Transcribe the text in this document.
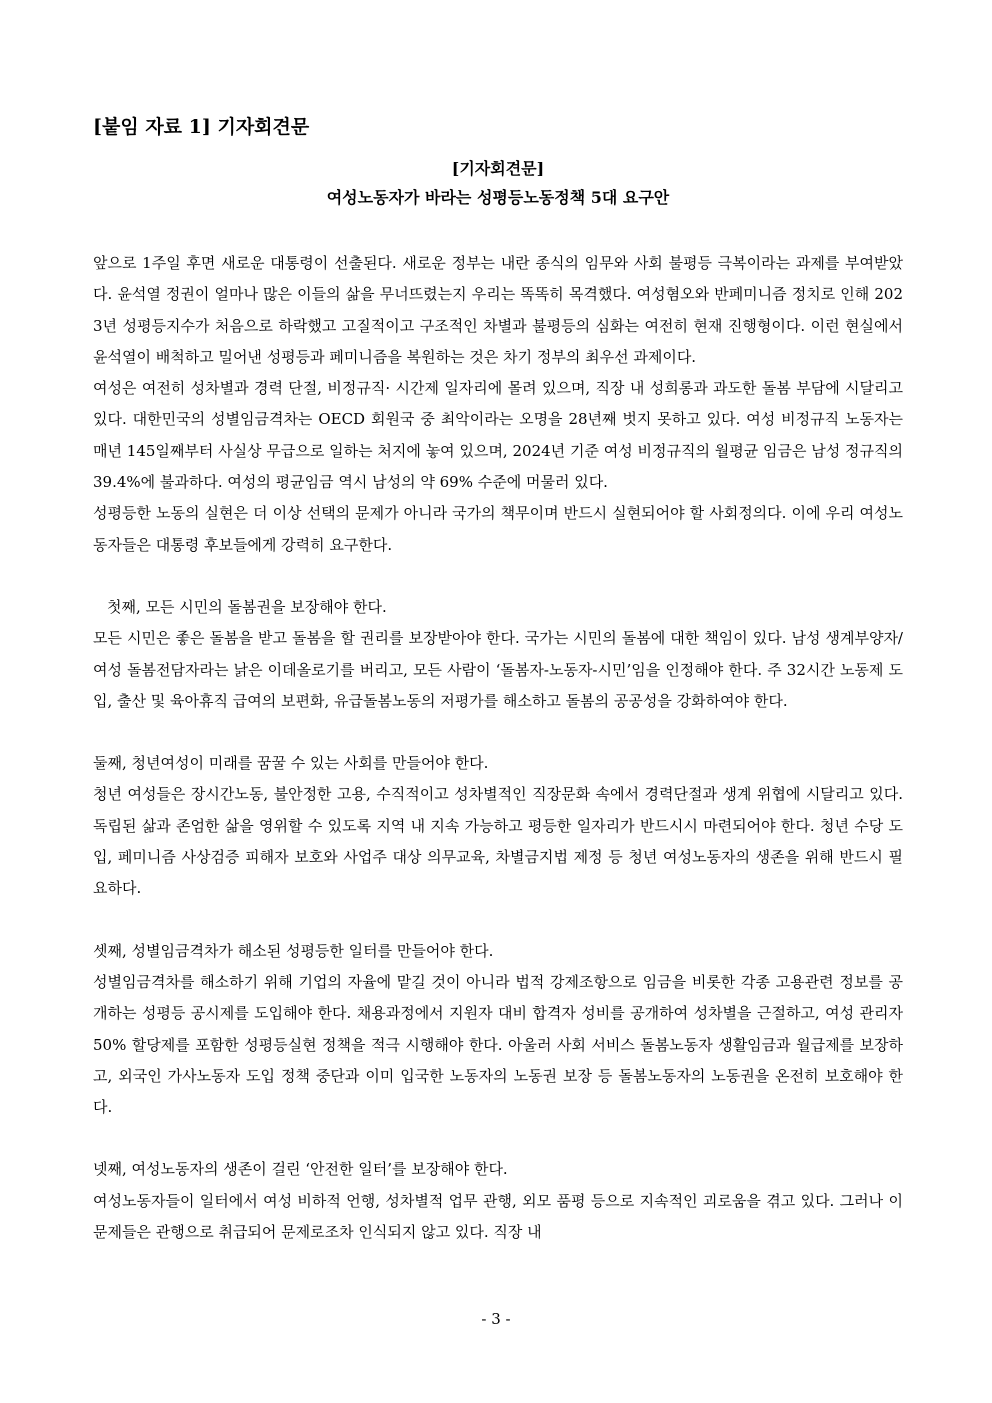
[붙임 자료 1] 기자회견문
[기자회견문]
여성노동자가 바라는 성평등노동정책 5대 요구안

앞으로 1주일 후면 새로운 대통령이 선출된다. 새로운 정부는 내란 종식의 임무와 사회 불평등 극복이라는 과제를 부여받았다. 윤석열 정권이 얼마나 많은 이들의 삶을 무너뜨렸는지 우리는 똑똑히 목격했다. 여성혐오와 반페미니즘 정치로 인해 2023년 성평등지수가 처음으로 하락했고 고질적이고 구조적인 차별과 불평등의 심화는 여전히 현재 진행형이다. 이런 현실에서 윤석열이 배척하고 밀어낸 성평등과 페미니즘을 복원하는 것은 차기 정부의 최우선 과제이다.

여성은 여전히 성차별과 경력 단절, 비정규직· 시간제 일자리에 몰려 있으며, 직장 내 성희롱과 과도한 돌봄 부담에 시달리고 있다. 대한민국의 성별임금격차는 OECD 회원국 중 최악이라는 오명을 28년째 벗지 못하고 있다. 여성 비정규직 노동자는 매년 145일째부터 사실상 무급으로 일하는 처지에 놓여 있으며, 2024년 기준 여성 비정규직의 월평균 임금은 남성 정규직의 39.4%에 불과하다. 여성의 평균임금 역시 남성의 약 69% 수준에 머물러 있다.

성평등한 노동의 실현은 더 이상 선택의 문제가 아니라 국가의 책무이며 반드시 실현되어야 할 사회정의다. 이에 우리 여성노동자들은 대통령 후보들에게 강력히 요구한다.

첫째, 모든 시민의 돌봄권을 보장해야 한다.

모든 시민은 좋은 돌봄을 받고 돌봄을 할 권리를 보장받아야 한다. 국가는 시민의 돌봄에 대한 책임이 있다. 남성 생계부양자/여성 돌봄전담자라는 낡은 이데올로기를 버리고, 모든 사람이 ‘돌봄자-노동자-시민’임을 인정해야 한다. 주 32시간 노동제 도입, 출산 및 육아휴직 급여의 보편화, 유급돌봄노동의 저평가를 해소하고 돌봄의 공공성을 강화하여야 한다.

둘째, 청년여성이 미래를 꿈꿀 수 있는 사회를 만들어야 한다.

청년 여성들은 장시간노동, 불안정한 고용, 수직적이고 성차별적인 직장문화 속에서 경력단절과 생계 위협에 시달리고 있다. 독립된 삶과 존엄한 삶을 영위할 수 있도록 지역 내 지속 가능하고 평등한 일자리가 반드시시 마련되어야 한다. 청년 수당 도입, 페미니즘 사상검증 피해자 보호와 사업주 대상 의무교육, 차별금지법 제정 등 청년 여성노동자의 생존을 위해 반드시 필요하다.

셋째, 성별임금격차가 해소된 성평등한 일터를 만들어야 한다.

성별임금격차를 해소하기 위해 기업의 자율에 맡길 것이 아니라 법적 강제조항으로 임금을 비롯한 각종 고용관련 정보를 공개하는 성평등 공시제를 도입해야 한다. 채용과정에서 지원자 대비 합격자 성비를 공개하여 성차별을 근절하고, 여성 관리자 50% 할당제를 포함한 성평등실현 정책을 적극 시행해야 한다. 아울러 사회 서비스 돌봄노동자 생활임금과 월급제를 보장하고, 외국인 가사노동자 도입 정책 중단과 이미 입국한 노동자의 노동권 보장 등 돌봄노동자의 노동권을 온전히 보호해야 한다.

넷째, 여성노동자의 생존이 걸린 ‘안전한 일터’를 보장해야 한다.

여성노동자들이 일터에서 여성 비하적 언행, 성차별적 업무 관행, 외모 품평 등으로 지속적인 괴로움을 겪고 있다. 그러나 이 문제들은 관행으로 취급되어 문제로조차 인식되지 않고 있다. 직장 내

- 3 -
